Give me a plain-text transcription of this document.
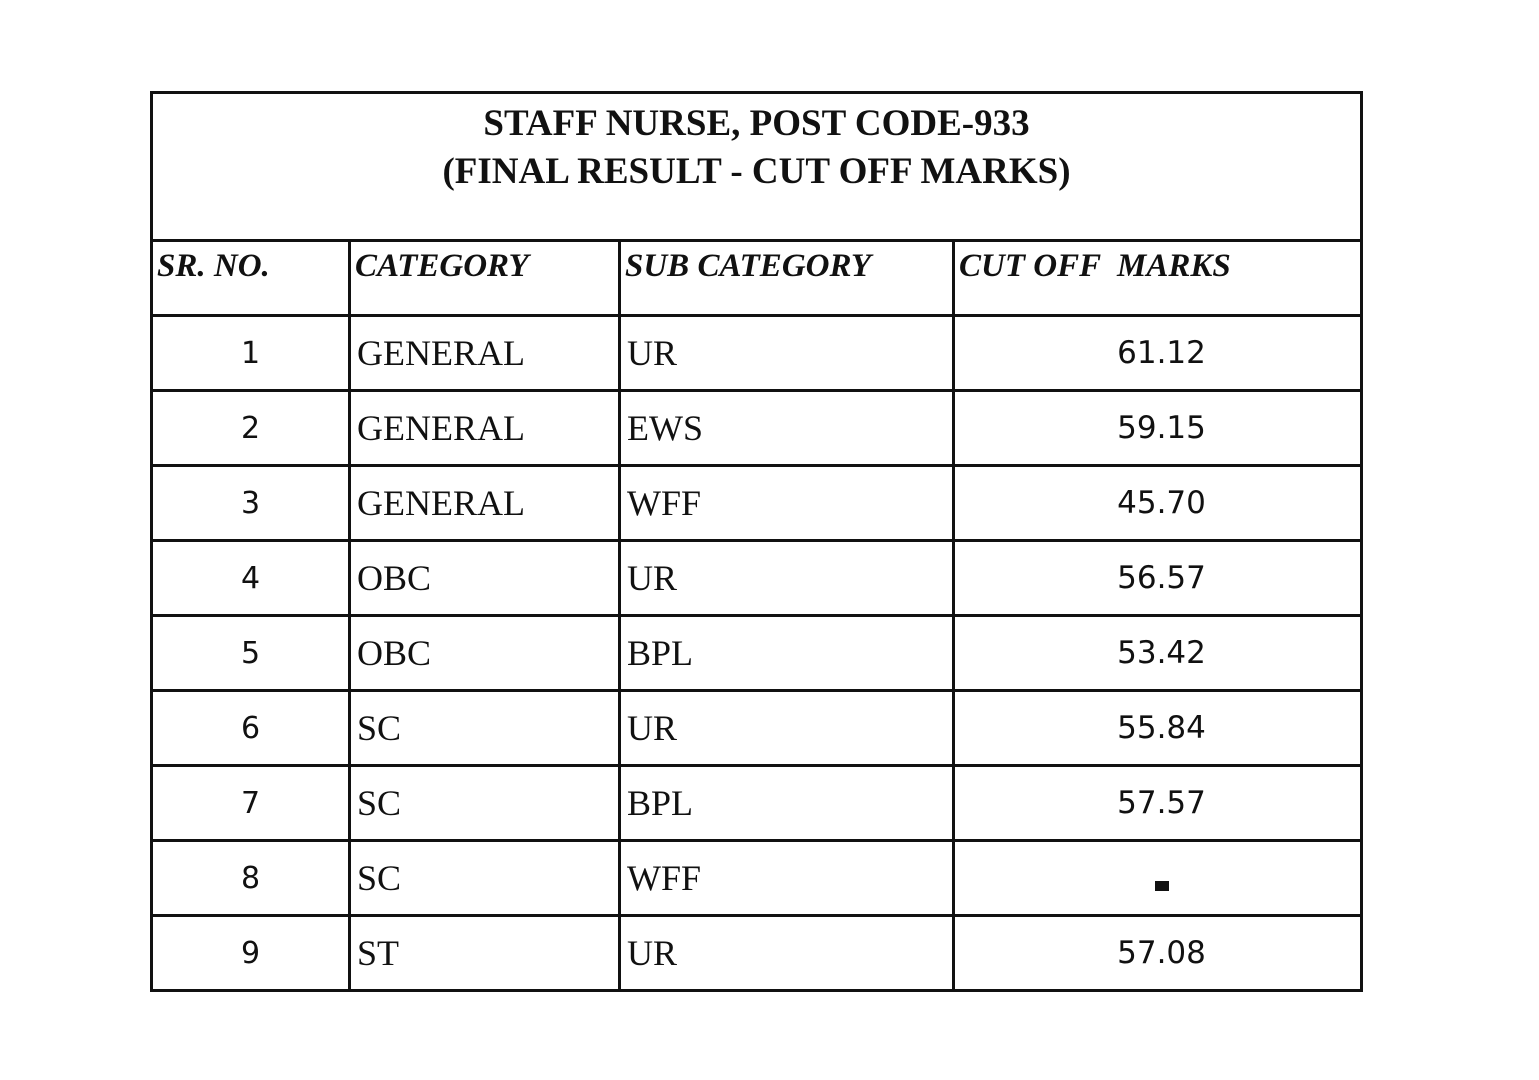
STAFF NURSE, POST CODE-933
(FINAL RESULT - CUT OFF MARKS)			

SR. NO.	CATEGORY	SUB CATEGORY	CUT OFF  MARKS

1	GENERAL	UR	61.12
2	GENERAL	EWS	59.15
3	GENERAL	WFF	45.70
4	OBC	UR	56.57
5	OBC	BPL	53.42
6	SC	UR	55.84
7	SC	BPL	57.57
8	SC	WFF	
9	ST	UR	57.08
